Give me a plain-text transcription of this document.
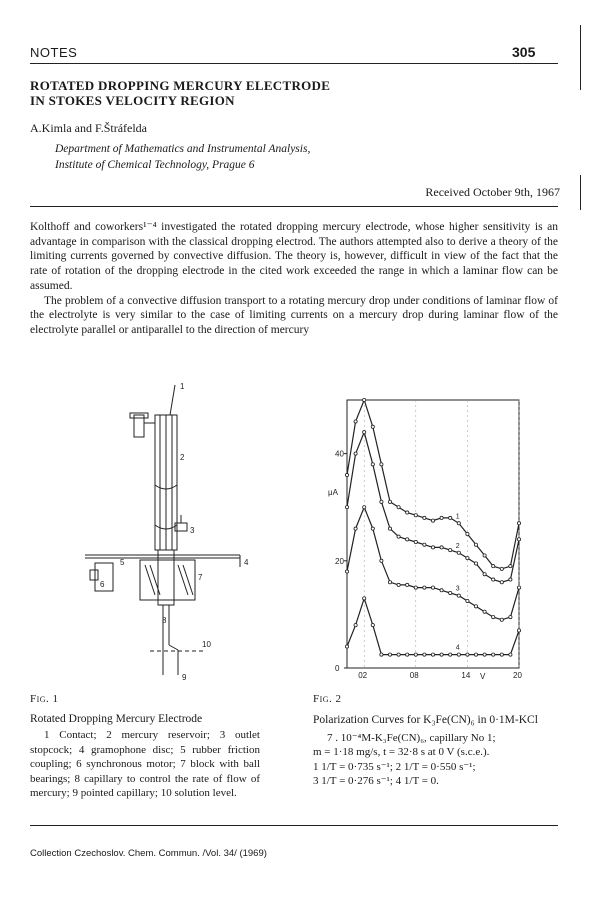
NOTES	305
ROTATED DROPPING MERCURY ELECTRODE
IN STOKES VELOCITY REGION
A.Kimla and F.Štráfelda
Department of Mathematics and Instrumental Analysis,
Institute of Chemical Technology, Prague 6
Received October 9th, 1967

Kolthoff and coworkers¹⁻⁴ investigated the rotated dropping mercury electrode, whose higher sensitivity is an advantage in comparison with the classical dropping electrod. The authors attempted also to derive a theory of the limiting currents governed by convective diffusion. The theory is, however, difficult in view of the fact that the rate of rotation of the dropping electrode in the cited work exceeded the range in which a laminar flow can be assumed.

The problem of a convective diffusion transport to a rotating mercury drop under conditions of laminar flow of the electrolyte is very similar to the case of limiting currents on a mercury drop during laminar flow of the electrolyte parallel or antiparallel to the direction of mercury

1
2
3
4
5
6
7
8
9
10
1
2
3
4
02	08	14	20
0
20
40
μA
V
Fig. 1
Rotated Dropping Mercury Electrode
1 Contact; 2 mercury reservoir; 3 outlet stopcock; 4 gramophone disc; 5 rubber friction coupling; 6 synchronous motor; 7 block with ball bearings; 8 capillary to control the rate of flow of mercury; 9 pointed capillary; 10 solution level.
Fig. 2
Polarization Curves for K₃Fe(CN)₆ in 0·1M-KCl
7 . 10⁻⁴M-K₃Fe(CN)₆, capillary No 1;
m = 1·18 mg/s, t = 32·8 s at 0 V (s.c.e.).
1 1/T = 0·735 s⁻¹; 2 1/T = 0·550 s⁻¹;
3 1/T = 0·276 s⁻¹; 4 1/T = 0.
Collection Czechoslov. Chem. Commun. /Vol. 34/ (1969)
